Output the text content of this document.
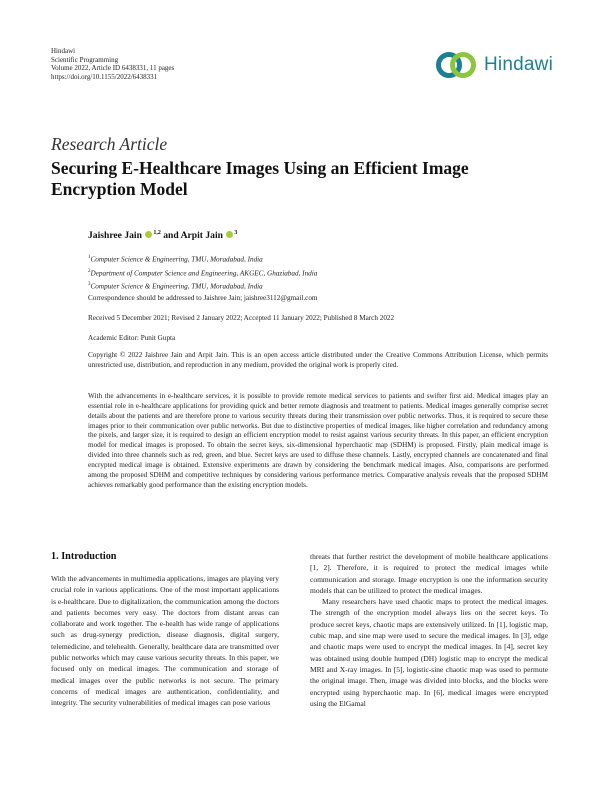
Hindawi
Scientific Programming
Volume 2022, Article ID 6438331, 11 pages
https://doi.org/10.1155/2022/6438331
Hindawi
Research Article
Securing E-Healthcare Images Using an Efficient Image Encryption Model
Jaishree Jain $^{1,2}$ and Arpit Jain $^3$
$^1$Computer Science & Engineering, TMU, Moradabad, India
$^2$Department of Computer Science and Engineering, AKGEC, Ghaziabad, India
$^3$Computer Science & Engineering, TMU, Moradabad, India
Correspondence should be addressed to Jaishree Jain; jaishree3112@gmail.com
Received 5 December 2021; Revised 2 January 2022; Accepted 11 January 2022; Published 8 March 2022
Academic Editor: Punit Gupta
Copyright © 2022 Jaishree Jain and Arpit Jain. This is an open access article distributed under the Creative Commons Attribution License, which permits unrestricted use, distribution, and reproduction in any medium, provided the original work is properly cited.
With the advancements in e-healthcare services, it is possible to provide remote medical services to patients and swifter first aid. Medical images play an essential role in e-healthcare applications for providing quick and better remote diagnosis and treatment to patients. Medical images generally comprise secret details about the patients and are therefore prone to various security threats during their transmission over public networks. Thus, it is required to secure these images prior to their communication over public networks. But due to distinctive properties of medical images, like higher correlation and redundancy among the pixels, and larger size, it is required to design an efficient encryption model to resist against various security threats. In this paper, an efficient encryption model for medical images is proposed. To obtain the secret keys, six-dimensional hyperchaotic map (SDHM) is proposed. Firstly, plain medical image is divided into three channels such as red, green, and blue. Secret keys are used to diffuse these channels. Lastly, encrypted channels are concatenated and final encrypted medical image is obtained. Extensive experiments are drawn by considering the benchmark medical images. Also, comparisons are performed among the proposed SDHM and competitive techniques by considering various performance metrics. Comparative analysis reveals that the proposed SDHM achieves remarkably good performance than the existing encryption models.
1. Introduction

With the advancements in multimedia applications, images are playing very crucial role in various applications. One of the most important applications is e-healthcare. Due to digitalization, the communication among the doctors and patients becomes very easy. The doctors from distant areas can collaborate and work together. The e-health has wide range of applications such as drug-synergy prediction, disease diagnosis, digital surgery, telemedicine, and telehealth. Generally, healthcare data are transmitted over public networks which may cause various security threats. In this paper, we focused only on medical images. The communication and storage of medical images over the public networks is not secure. The primary concerns of medical images are authentication, confidentiality, and integrity. The security vulnerabilities of medical images can pose various

threats that further restrict the development of mobile healthcare applications [1, 2]. Therefore, it is required to protect the medical images while communication and storage. Image encryption is one the information security models that can be utilized to protect the medical images.

Many researchers have used chaotic maps to protect the medical images. The strength of the encryption model always lies on the secret keys. To produce secret keys, chaotic maps are extensively utilized. In [1], logistic map, cubic map, and sine map were used to secure the medical images. In [3], edge and chaotic maps were used to encrypt the medical images. In [4], secret key was obtained using double humped (DH) logistic map to encrypt the medical MRI and X-ray images. In [5], logistic-sine chaotic map was used to permute the original image. Then, image was divided into blocks, and the blocks were encrypted using hyperchaotic map. In [6], medical images were encrypted using the ElGamal
